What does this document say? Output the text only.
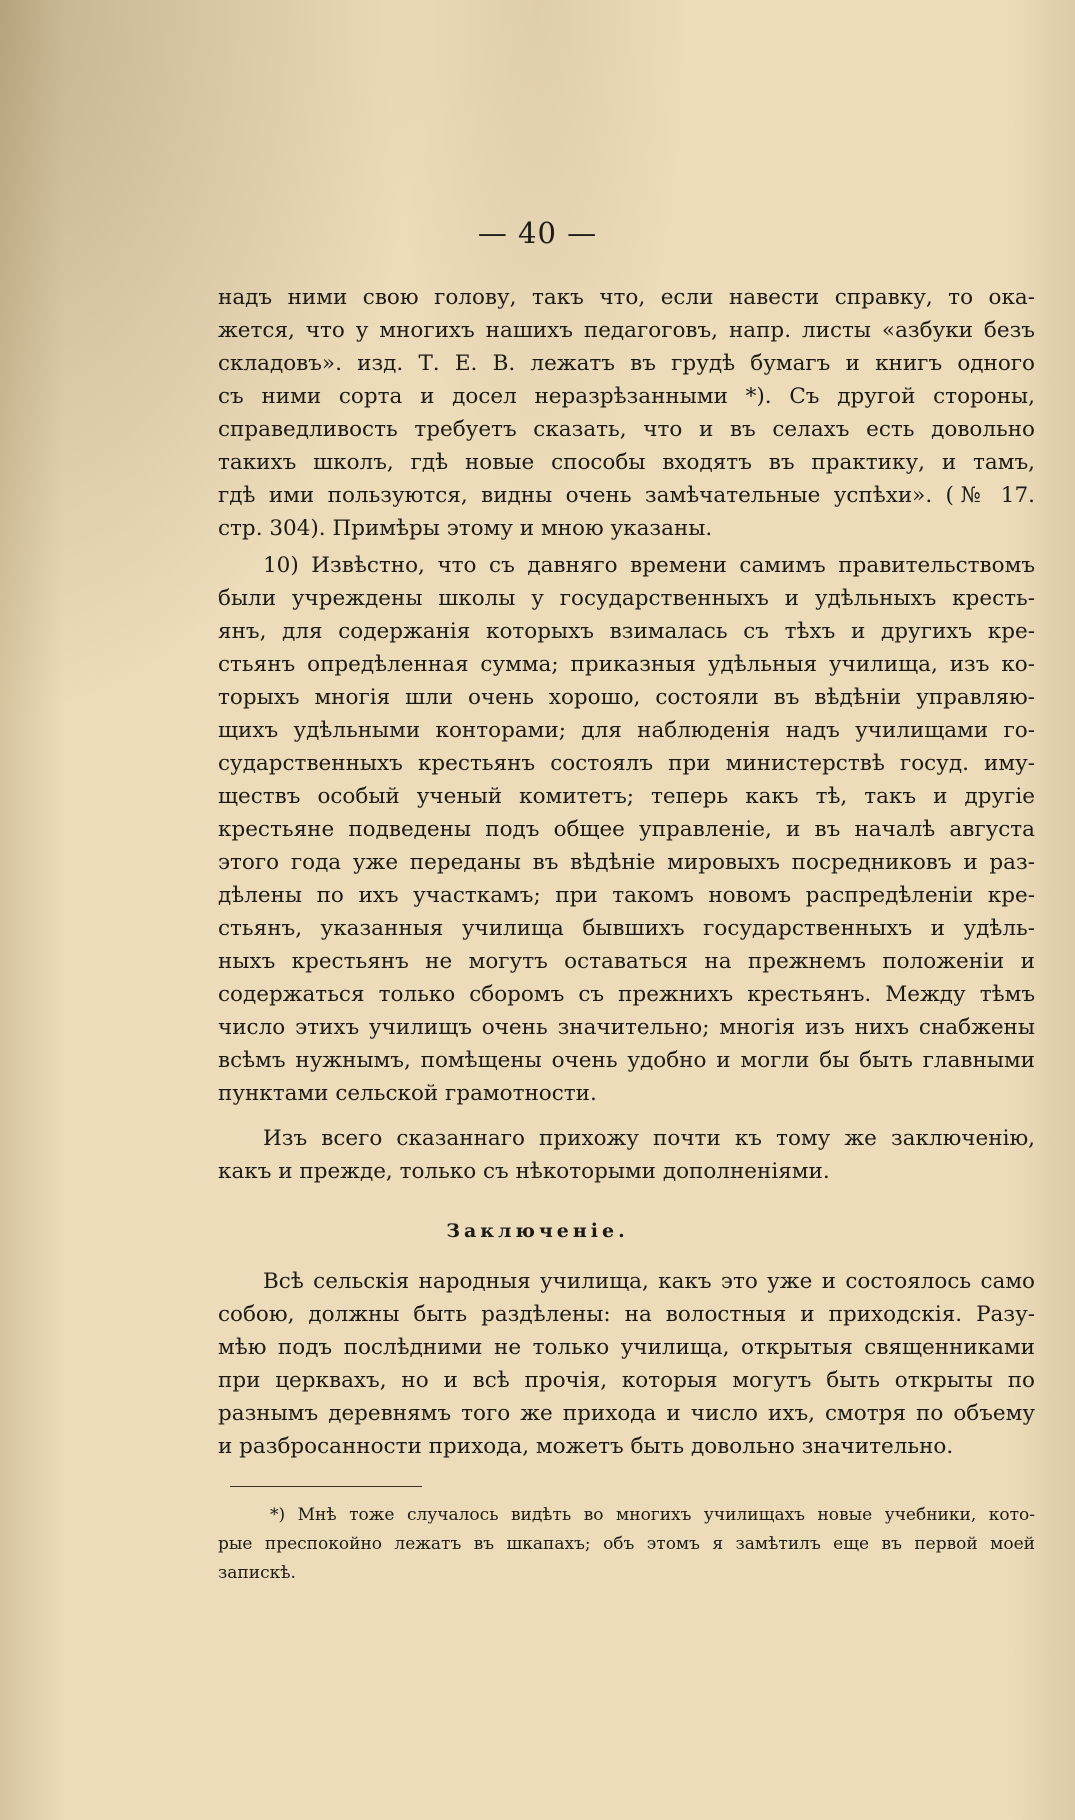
— 40 —
надъ ними свою голову, такъ что, если навести справку, то ока-
жется, что у многихъ нашихъ педагоговъ, напр. листы «азбуки безъ
складовъ». изд. Т. Е. В. лежатъ въ грудѣ бумагъ и книгъ одного
съ ними сорта и досел неразрѣзанными *). Съ другой стороны,
справедливость требуетъ сказать, что и въ селахъ есть довольно
такихъ школъ, гдѣ новые способы входятъ въ практику, и тамъ,
гдѣ ими пользуются, видны очень замѣчательные успѣхи». (№ 17.
стр. 304). Примѣры этому и мною указаны.
10) Извѣстно, что съ давняго времени самимъ правительствомъ
были учреждены школы у государственныхъ и удѣльныхъ кресть-
янъ, для содержанія которыхъ взималась съ тѣхъ и другихъ кре-
стьянъ опредѣленная сумма; приказныя удѣльныя училища, изъ ко-
торыхъ многія шли очень хорошо, состояли въ вѣдѣніи управляю-
щихъ удѣльными конторами; для наблюденія надъ училищами го-
сударственныхъ крестьянъ состоялъ при министерствѣ госуд. иму-
ществъ особый ученый комитетъ; теперь какъ тѣ, такъ и другіе
крестьяне подведены подъ общее управленіе, и въ началѣ августа
этого года уже переданы въ вѣдѣніе мировыхъ посредниковъ и раз-
дѣлены по ихъ участкамъ; при такомъ новомъ распредѣленіи кре-
стьянъ, указанныя училища бывшихъ государственныхъ и удѣль-
ныхъ крестьянъ не могутъ оставаться на прежнемъ положеніи и
содержаться только сборомъ съ прежнихъ крестьянъ. Между тѣмъ
число этихъ училищъ очень значительно; многія изъ нихъ снабжены
всѣмъ нужнымъ, помѣщены очень удобно и могли бы быть главными
пунктами сельской грамотности.
Изъ всего сказаннаго прихожу почти къ тому же заключенію,
какъ и прежде, только съ нѣкоторыми дополненіями.
Заключеніе.
Всѣ сельскія народныя училища, какъ это уже и состоялось само
собою, должны быть раздѣлены: на волостныя и приходскія. Разу-
мѣю подъ послѣдними не только училища, открытыя священниками
при церквахъ, но и всѣ прочія, которыя могутъ быть открыты по
разнымъ деревнямъ того же прихода и число ихъ, смотря по объему
и разбросанности прихода, можетъ быть довольно значительно.
*) Мнѣ тоже случалось видѣть во многихъ училищахъ новые учебники, кото-
рые преспокойно лежатъ въ шкапахъ; объ этомъ я замѣтилъ еще въ первой моей
запискѣ.
